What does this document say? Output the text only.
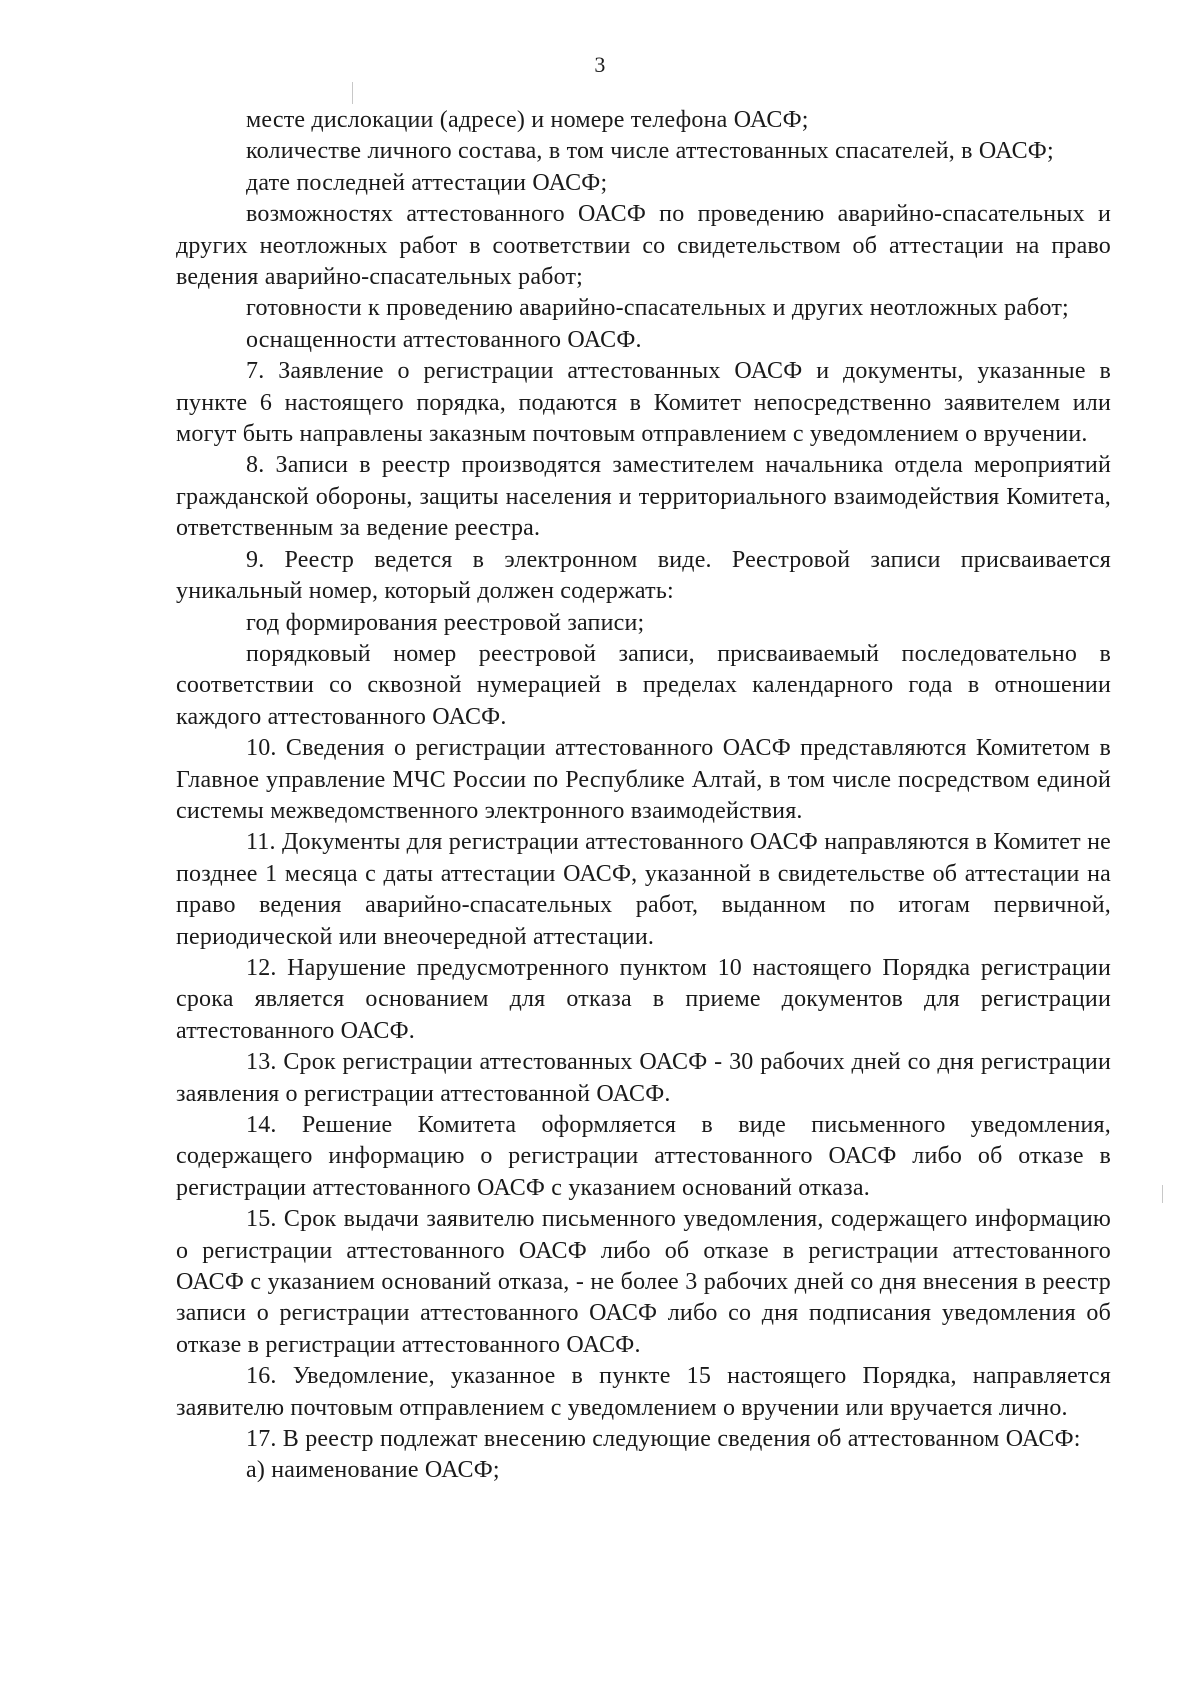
3

месте дислокации (адресе) и номере телефона ОАСФ;

количестве личного состава, в том числе аттестованных спасателей, в ОАСФ;

дате последней аттестации ОАСФ;

возможностях аттестованного ОАСФ по проведению аварийно-спасательных и других неотложных работ в соответствии со свидетельством об аттестации на право ведения аварийно-спасательных работ;

готовности к проведению аварийно-спасательных и других неотложных работ;

оснащенности аттестованного ОАСФ.

7. Заявление о регистрации аттестованных ОАСФ и документы, указанные в пункте 6 настоящего порядка, подаются в Комитет непосредственно заявителем или могут быть направлены заказным почтовым отправлением с уведомлением о вручении.

8. Записи в реестр производятся заместителем начальника отдела мероприятий гражданской обороны, защиты населения и территориального взаимодействия Комитета, ответственным за ведение реестра.

9. Реестр ведется в электронном виде. Реестровой записи присваивается уникальный номер, который должен содержать:

год формирования реестровой записи;

порядковый номер реестровой записи, присваиваемый последовательно в соответствии со сквозной нумерацией в пределах календарного года в отношении каждого аттестованного ОАСФ.

10. Сведения о регистрации аттестованного ОАСФ представляются Комитетом в Главное управление МЧС России по Республике Алтай, в том числе посредством единой системы межведомственного электронного взаимодействия.

11. Документы для регистрации аттестованного ОАСФ направляются в Комитет не позднее 1 месяца с даты аттестации ОАСФ, указанной в свидетельстве об аттестации на право ведения аварийно-спасательных работ, выданном по итогам первичной, периодической или внеочередной аттестации.

12. Нарушение предусмотренного пунктом 10 настоящего Порядка регистрации срока является основанием для отказа в приеме документов для регистрации аттестованного ОАСФ.

13. Срок регистрации аттестованных ОАСФ - 30 рабочих дней со дня регистрации заявления о регистрации аттестованной ОАСФ.

14. Решение Комитета оформляется в виде письменного уведомления, содержащего информацию о регистрации аттестованного ОАСФ либо об отказе в регистрации аттестованного ОАСФ с указанием оснований отказа.

15. Срок выдачи заявителю письменного уведомления, содержащего информацию о регистрации аттестованного ОАСФ либо об отказе в регистрации аттестованного ОАСФ с указанием оснований отказа, - не более 3 рабочих дней со дня внесения в реестр записи о регистрации аттестованного ОАСФ либо со дня подписания уведомления об отказе в регистрации аттестованного ОАСФ.

16. Уведомление, указанное в пункте 15 настоящего Порядка, направляется заявителю почтовым отправлением с уведомлением о вручении или вручается лично.

17. В реестр подлежат внесению следующие сведения об аттестованном ОАСФ:

а) наименование ОАСФ;
